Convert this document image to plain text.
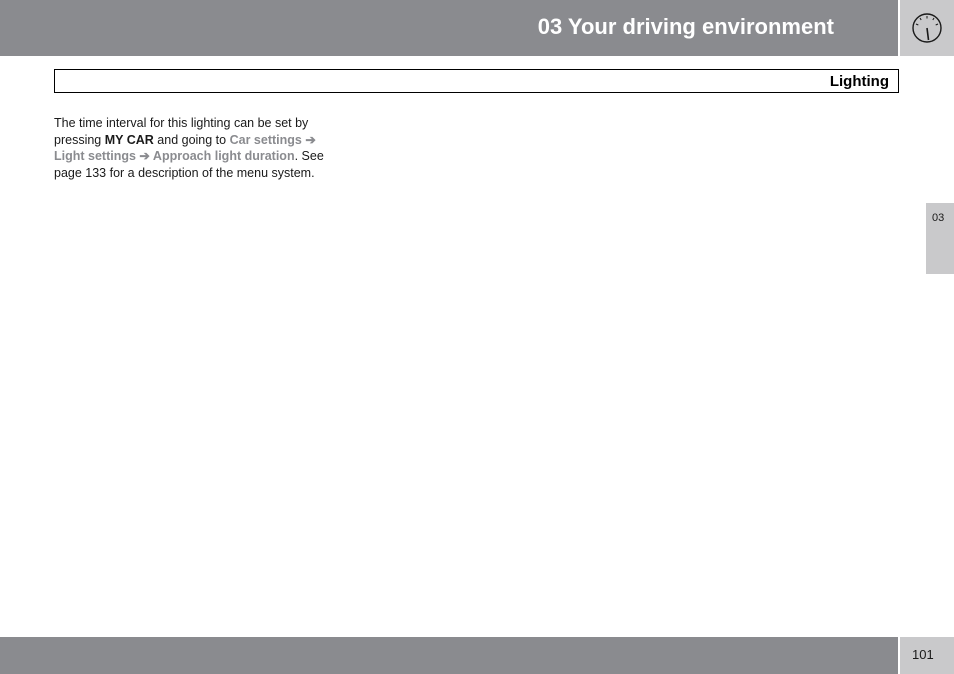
03 Your driving environment
Lighting
The time interval for this lighting can be set by pressing MY CAR and going to Car settings ➔ Light settings ➔ Approach light duration. See page 133 for a description of the menu system.
03
101
